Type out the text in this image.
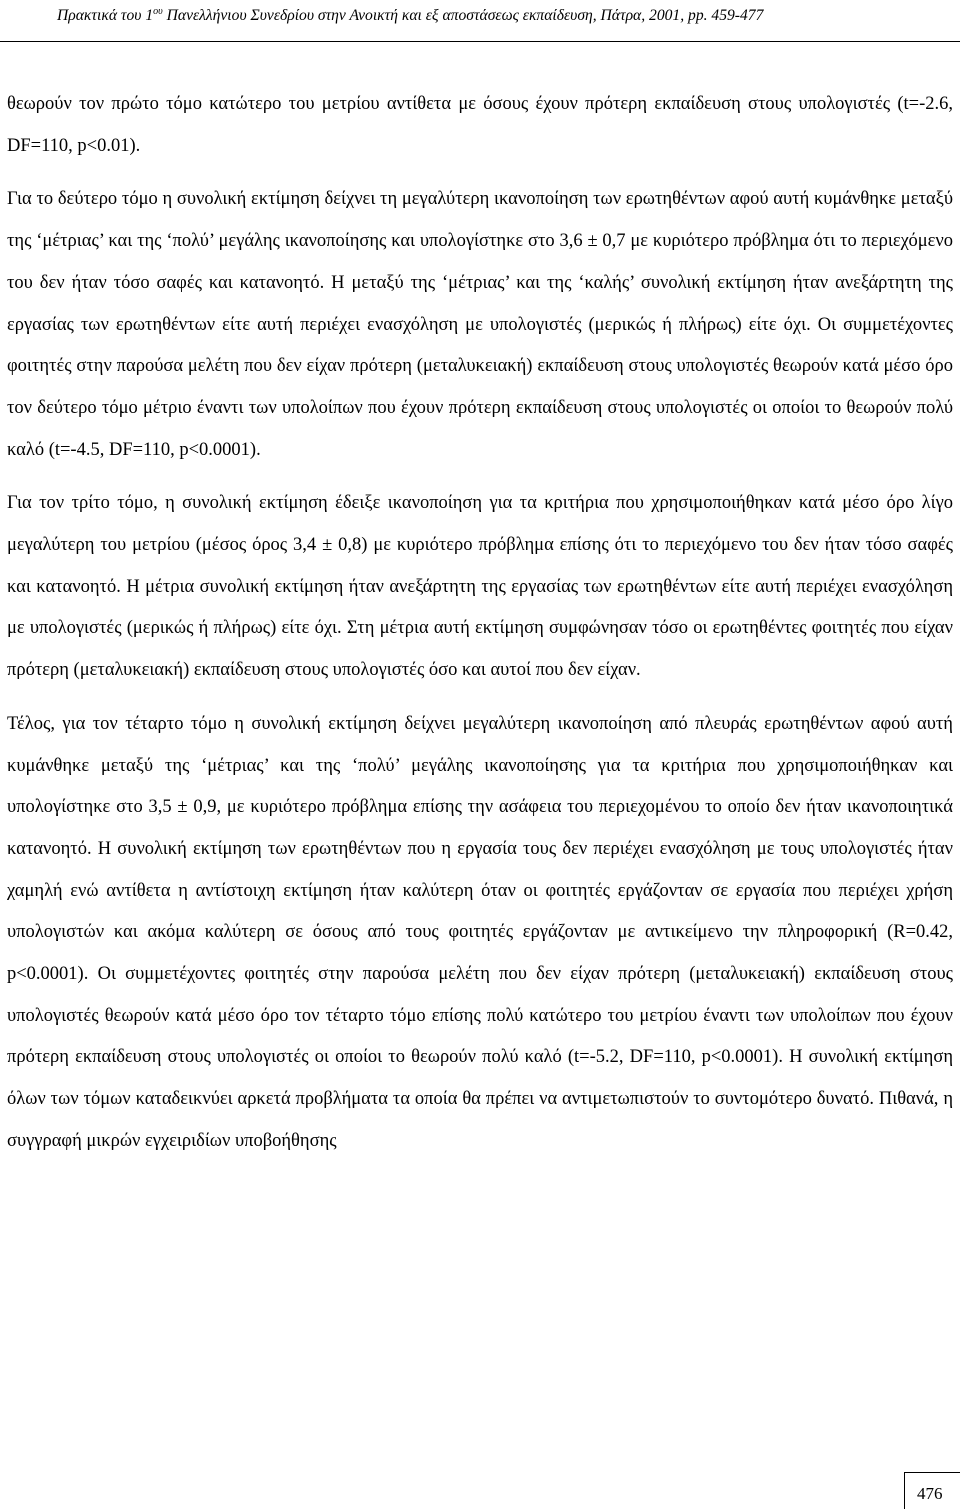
Πρακτικά του $1^{o\upsilon}$ Πανελλήνιου Συνεδρίου στην Ανοικτή και εξ αποστάσεως εκπαίδευση, Πάτρα, 2001, pp. 459-477

θεωρούν τον πρώτο τόμο κατώτερο του μετρίου αντίθετα με όσους έχουν πρότερη εκπαίδευση στους υπολογιστές (t=-2.6, DF=110, p<0.01).

Για το δεύτερο τόμο η συνολική εκτίμηση δείχνει τη μεγαλύτερη ικανοποίηση των ερωτηθέντων αφού αυτή κυμάνθηκε μεταξύ της ‘μέτριας’ και της ‘πολύ’ μεγάλης ικανοποίησης και υπολογίστηκε στο 3,6 ± 0,7 με κυριότερο πρόβλημα ότι το περιεχόμενο του δεν ήταν τόσο σαφές και κατανοητό. Η μεταξύ της ‘μέτριας’ και της ‘καλής’ συνολική εκτίμηση ήταν ανεξάρτητη της εργασίας των ερωτηθέντων είτε αυτή περιέχει ενασχόληση με υπολογιστές (μερικώς ή πλήρως) είτε όχι. Οι συμμετέχοντες φοιτητές στην παρούσα μελέτη που δεν είχαν πρότερη (μεταλυκειακή) εκπαίδευση στους υπολογιστές θεωρούν κατά μέσο όρο τον δεύτερο τόμο μέτριο έναντι των υπολοίπων που έχουν πρότερη εκπαίδευση στους υπολογιστές οι οποίοι το θεωρούν πολύ καλό (t=-4.5, DF=110, p<0.0001).

Για τον τρίτο τόμο, η συνολική εκτίμηση έδειξε ικανοποίηση για τα κριτήρια που χρησιμοποιήθηκαν κατά μέσο όρο λίγο μεγαλύτερη του μετρίου (μέσος όρος 3,4 ± 0,8) με κυριότερο πρόβλημα επίσης ότι το περιεχόμενο του δεν ήταν τόσο σαφές και κατανοητό. Η μέτρια συνολική εκτίμηση ήταν ανεξάρτητη της εργασίας των ερωτηθέντων είτε αυτή περιέχει ενασχόληση με υπολογιστές (μερικώς ή πλήρως) είτε όχι. Στη μέτρια αυτή εκτίμηση συμφώνησαν τόσο οι ερωτηθέντες φοιτητές που είχαν πρότερη (μεταλυκειακή) εκπαίδευση στους υπολογιστές όσο και αυτοί που δεν είχαν.

Τέλος, για τον τέταρτο τόμο η συνολική εκτίμηση δείχνει μεγαλύτερη ικανοποίηση από πλευράς ερωτηθέντων αφού αυτή κυμάνθηκε μεταξύ της ‘μέτριας’ και της ‘πολύ’ μεγάλης ικανοποίησης για τα κριτήρια που χρησιμοποιήθηκαν και υπολογίστηκε στο 3,5 ± 0,9, με κυριότερο πρόβλημα επίσης την ασάφεια του περιεχομένου το οποίο δεν ήταν ικανοποιητικά κατανοητό. Η συνολική εκτίμηση των ερωτηθέντων που η εργασία τους δεν περιέχει ενασχόληση με τους υπολογιστές ήταν χαμηλή ενώ αντίθετα η αντίστοιχη εκτίμηση ήταν καλύτερη όταν οι φοιτητές εργάζονταν σε εργασία που περιέχει χρήση υπολογιστών και ακόμα καλύτερη σε όσους από τους φοιτητές εργάζονταν με αντικείμενο την πληροφορική (R=0.42, p<0.0001). Οι συμμετέχοντες φοιτητές στην παρούσα μελέτη που δεν είχαν πρότερη (μεταλυκειακή) εκπαίδευση στους υπολογιστές θεωρούν κατά μέσο όρο τον τέταρτο τόμο επίσης πολύ κατώτερο του μετρίου έναντι των υπολοίπων που έχουν πρότερη εκπαίδευση στους υπολογιστές οι οποίοι το θεωρούν πολύ καλό (t=-5.2, DF=110, p<0.0001). Η συνολική εκτίμηση όλων των τόμων καταδεικνύει αρκετά προβλήματα τα οποία θα πρέπει να αντιμετωπιστούν το συντομότερο δυνατό. Πιθανά, η συγγραφή μικρών εγχειριδίων υποβοήθησης

476
